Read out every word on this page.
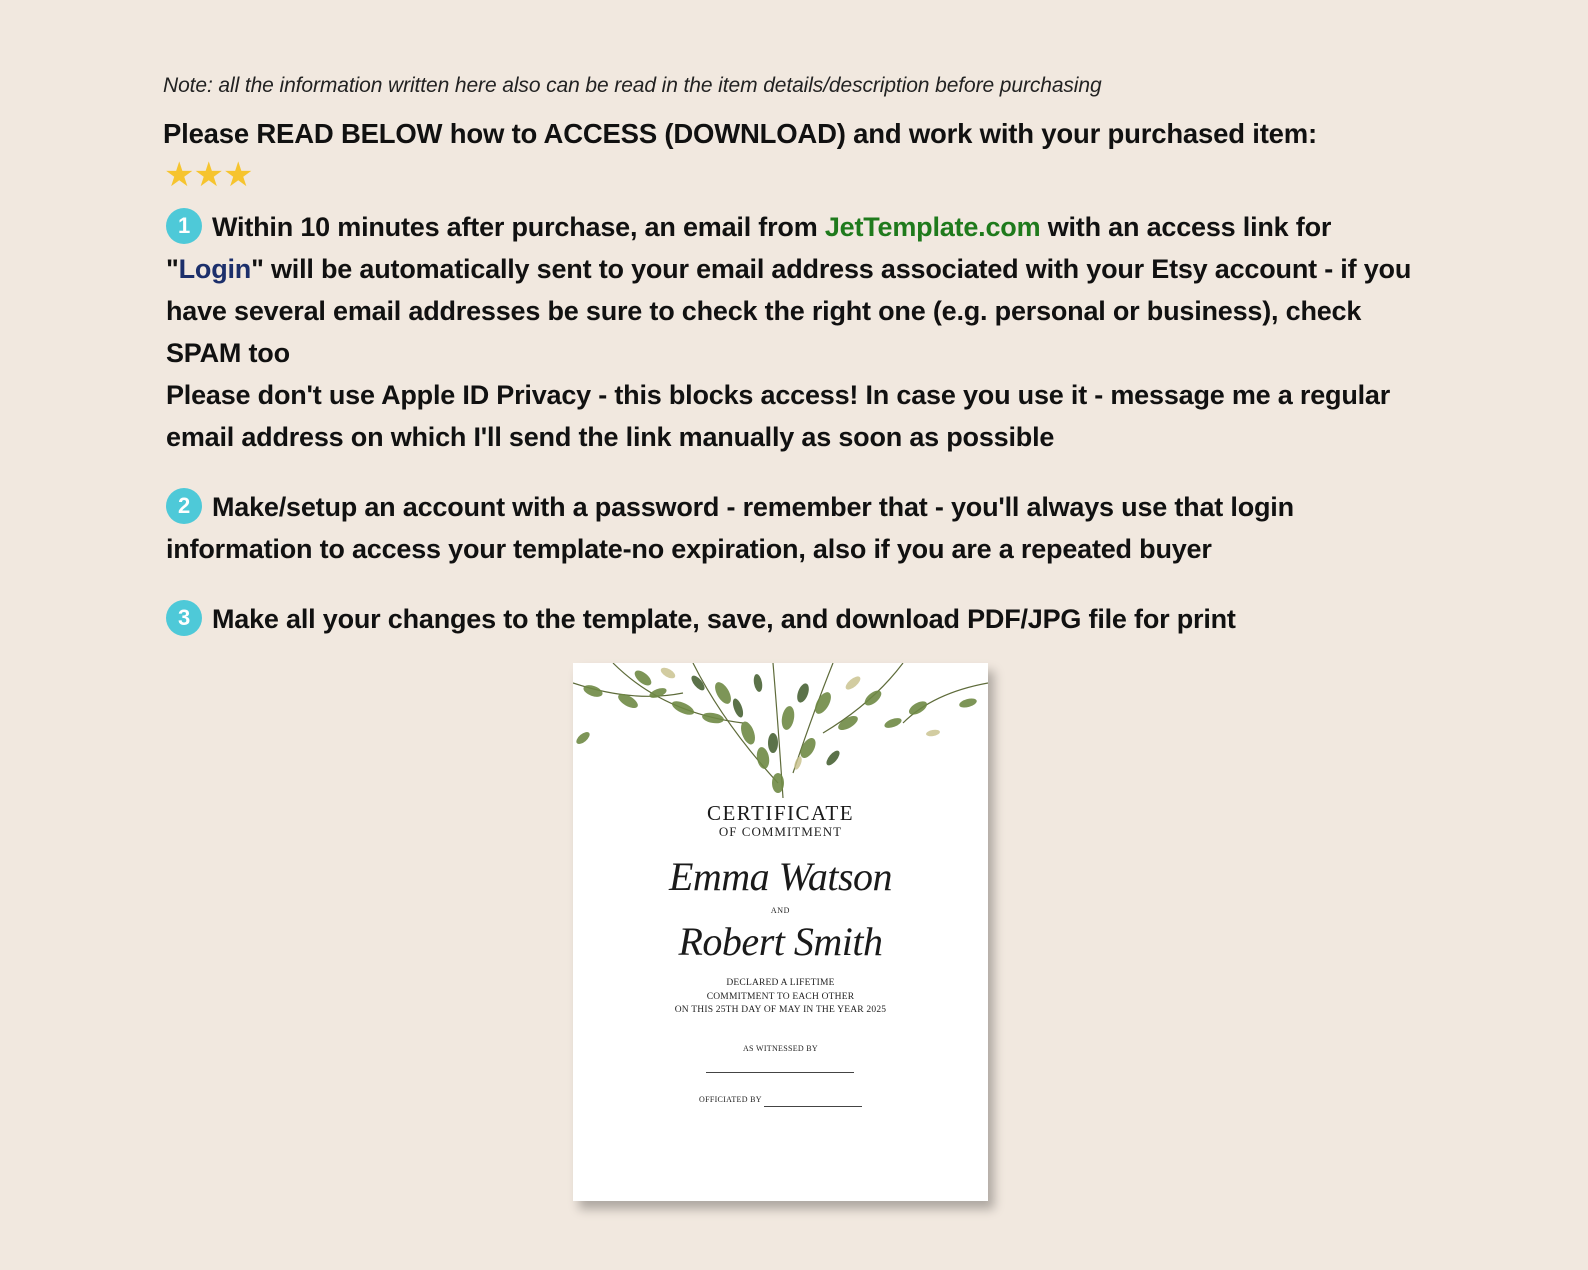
Note: all the information written here also can be read in the item details/description before purchasing
Please READ BELOW how to ACCESS (DOWNLOAD) and work with your purchased item:
★★★
1 Within 10 minutes after purchase, an email from JetTemplate.com with an access link for "Login" will be automatically sent to your email address associated with your Etsy account - if you have several email addresses be sure to check the right one (e.g. personal or business), check SPAM too
Please don't use Apple ID Privacy - this blocks access! In case you use it - message me a regular email address on which I'll send the link manually as soon as possible
2 Make/setup an account with a password - remember that - you'll always use that login information to access your template-no expiration, also if you are a repeated buyer
3 Make all your changes to the template, save, and download PDF/JPG file for print
CERTIFICATE
OF COMMITMENT
Emma Watson
AND
Robert Smith
DECLARED A LIFETIME
COMMITMENT TO EACH OTHER
ON THIS 25TH DAY OF MAY IN THE YEAR 2025
AS WITNESSED BY
OFFICIATED BY
